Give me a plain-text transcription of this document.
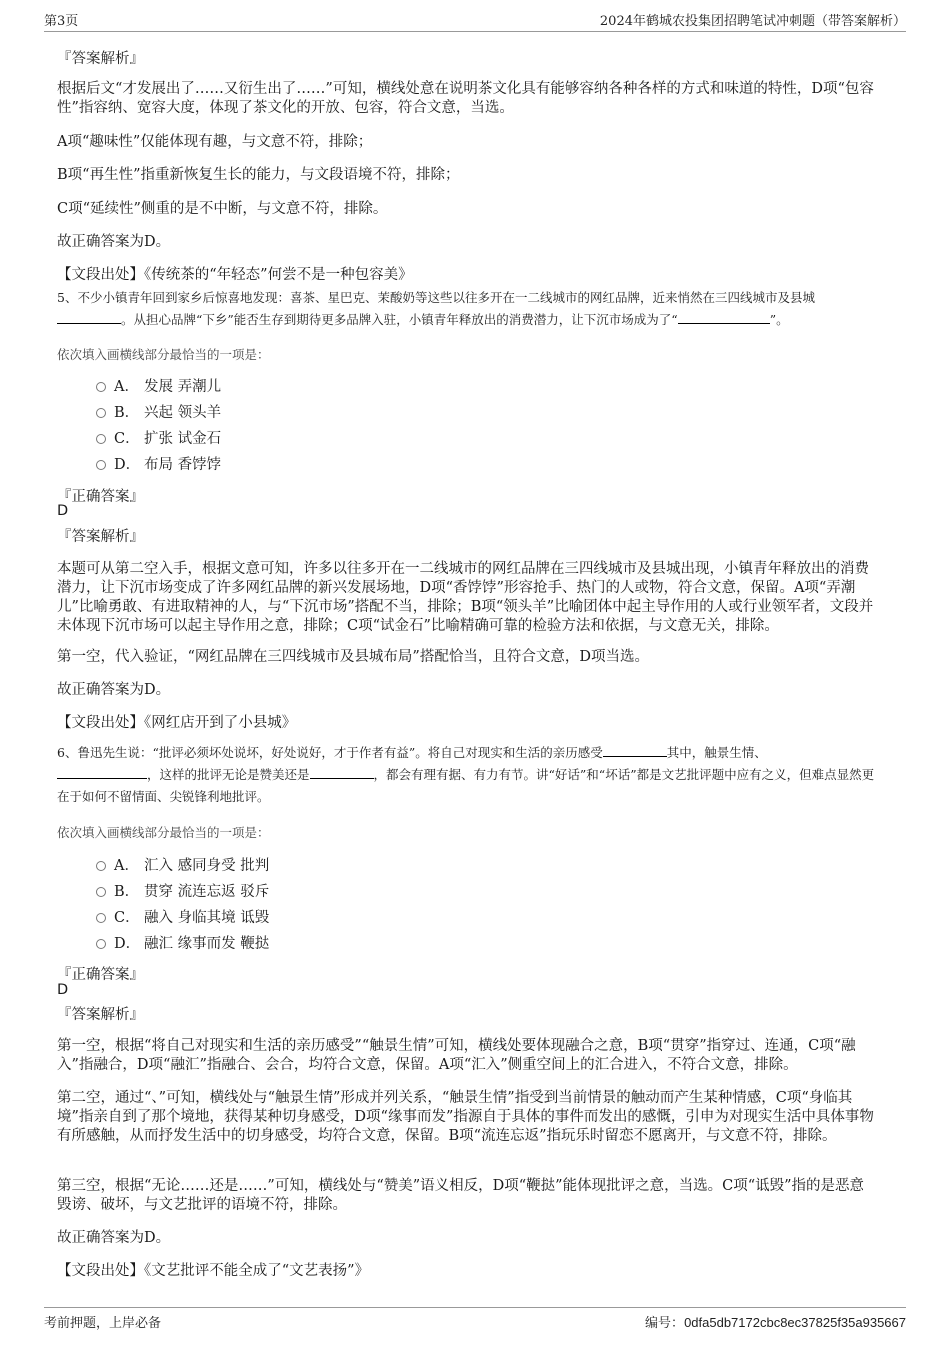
第3页	2024年鹤城农投集团招聘笔试冲刺题（带答案解析）
『答案解析』
根据后文“才发展出了……又衍生出了……”可知，横线处意在说明茶文化具有能够容纳各种各样的方式和味道的特性，D项“包容性”指容纳、宽容大度，体现了茶文化的开放、包容，符合文意，当选。
A项“趣味性”仅能体现有趣，与文意不符，排除；
B项“再生性”指重新恢复生长的能力，与文段语境不符，排除；
C项“延续性”侧重的是不中断，与文意不符，排除。
故正确答案为D。
【文段出处】《传统茶的“年轻态”何尝不是一种包容美》
5、不少小镇青年回到家乡后惊喜地发现：喜茶、星巴克、茉酸奶等这些以往多开在一二线城市的网红品牌，近来悄然在三四线城市及县城
。从担心品牌“下乡”能否生存到期待更多品牌入驻，小镇青年释放出的消费潜力，让下沉市场成为了“	”。
依次填入画横线部分最恰当的一项是：
A． 发展 弄潮儿
B． 兴起 领头羊
C． 扩张 试金石
D． 布局 香饽饽
『正确答案』
D
『答案解析』
本题可从第二空入手，根据文意可知，许多以往多开在一二线城市的网红品牌在三四线城市及县城出现，小镇青年释放出的消费潜力，让下沉市场变成了许多网红品牌的新兴发展场地，D项“香饽饽”形容抢手、热门的人或物，符合文意，保留。A项“弄潮儿”比喻勇敢、有进取精神的人，与“下沉市场”搭配不当，排除；B项“领头羊”比喻团体中起主导作用的人或行业领军者，文段并未体现下沉市场可以起主导作用之意，排除；C项“试金石”比喻精确可靠的检验方法和依据，与文意无关，排除。
第一空，代入验证，“网红品牌在三四线城市及县城布局”搭配恰当，且符合文意，D项当选。
故正确答案为D。
【文段出处】《网红店开到了小县城》
6、鲁迅先生说：“批评必须坏处说坏，好处说好，才于作者有益”。将自己对现实和生活的亲历感受	其中，触景生情、
，这样的批评无论是赞美还是	，都会有理有据、有力有节。讲“好话”和“坏话”都是文艺批评题中应有之义，但难点显然更在于如何不留情面、尖锐锋利地批评。
依次填入画横线部分最恰当的一项是：
A． 汇入 感同身受 批判
B． 贯穿 流连忘返 驳斥
C． 融入 身临其境 诋毁
D． 融汇 缘事而发 鞭挞
『正确答案』
D
『答案解析』
第一空，根据“将自己对现实和生活的亲历感受”“触景生情”可知，横线处要体现融合之意，B项“贯穿”指穿过、连通，C项“融入”指融合，D项“融汇”指融合、会合，均符合文意，保留。A项“汇入”侧重空间上的汇合进入，不符合文意，排除。
第二空，通过“、”可知，横线处与“触景生情”形成并列关系，“触景生情”指受到当前情景的触动而产生某种情感，C项“身临其境”指亲自到了那个境地，获得某种切身感受，D项“缘事而发”指源自于具体的事件而发出的感慨，引申为对现实生活中具体事物有所感触，从而抒发生活中的切身感受，均符合文意，保留。B项“流连忘返”指玩乐时留恋不愿离开，与文意不符，排除。
第三空，根据“无论……还是……”可知，横线处与“赞美”语义相反，D项“鞭挞”能体现批评之意，当选。C项“诋毁”指的是恶意毁谤、破坏，与文艺批评的语境不符，排除。
故正确答案为D。
【文段出处】《文艺批评不能全成了“文艺表扬”》
考前押题，上岸必备	编号：0dfa5db7172cbc8ec37825f35a935667
